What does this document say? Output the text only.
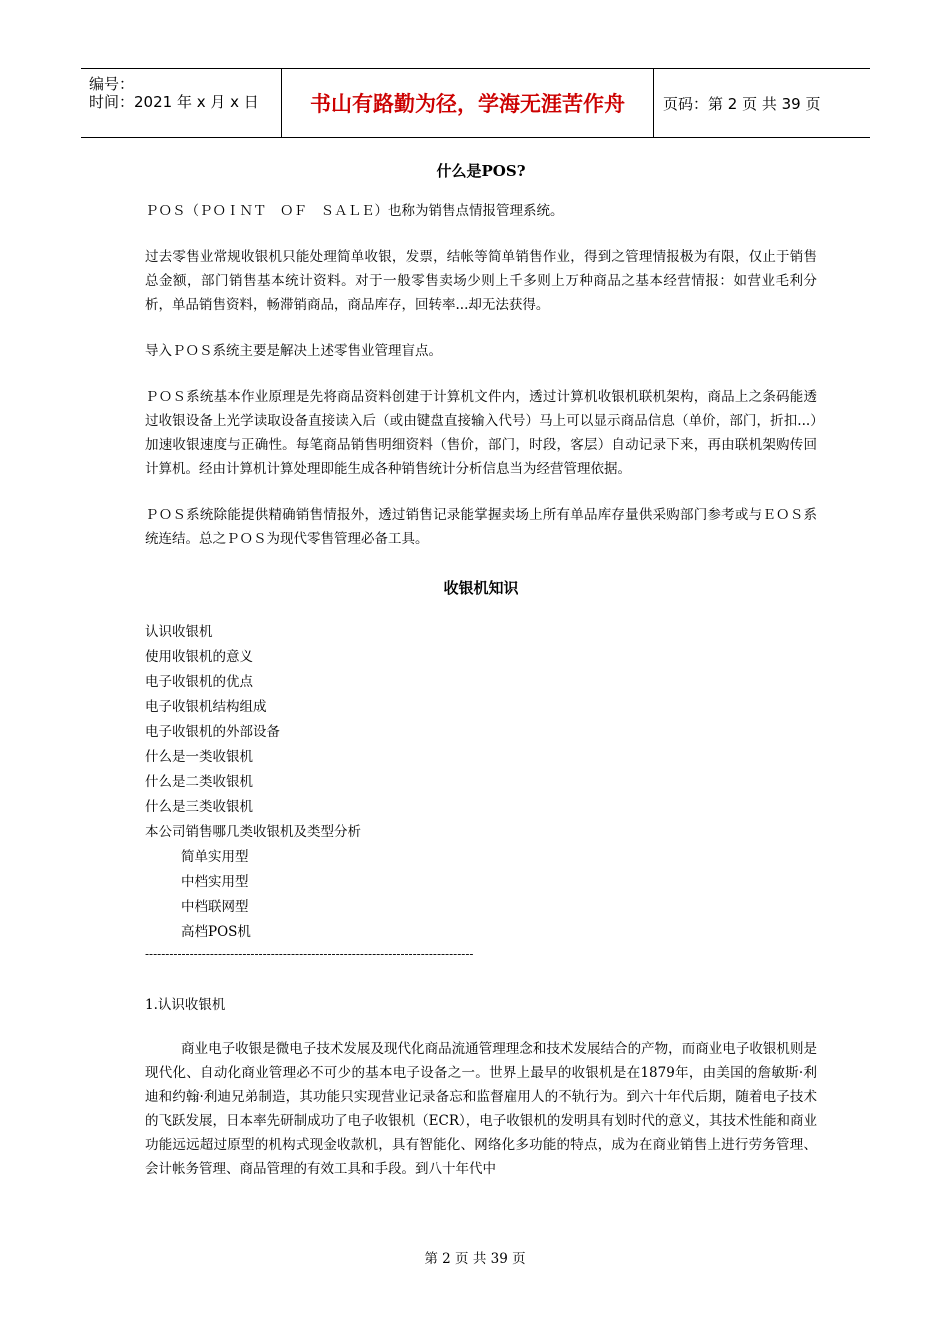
编号：
时间：2021 年 x 月 x 日	书山有路勤为径，学海无涯苦作舟	页码：第 2 页 共 39 页
什么是POS?

ＰＯＳ（ＰＯＩＮＴ　ＯＦ　ＳＡＬＥ）也称为销售点情报管理系统。

过去零售业常规收银机只能处理简单收银，发票，结帐等简单销售作业，得到之管理情报极为有限，仅止于销售总金额，部门销售基本统计资料。对于一般零售卖场少则上千多则上万种商品之基本经营情报：如营业毛利分析，单品销售资料，畅滞销商品，商品库存，回转率...却无法获得。

导入ＰＯＳ系统主要是解决上述零售业管理盲点。

ＰＯＳ系统基本作业原理是先将商品资料创建于计算机文件内，透过计算机收银机联机架构，商品上之条码能透过收银设备上光学读取设备直接读入后（或由键盘直接输入代号）马上可以显示商品信息（单价，部门，折扣...）加速收银速度与正确性。每笔商品销售明细资料（售价，部门，时段，客层）自动记录下来，再由联机架购传回计算机。经由计算机计算处理即能生成各种销售统计分析信息当为经营管理依据。

ＰＯＳ系统除能提供精确销售情报外，透过销售记录能掌握卖场上所有单品库存量供采购部门参考或与ＥＯＳ系统连结。总之ＰＯＳ为现代零售管理必备工具。

收银机知识
认识收银机
使用收银机的意义
电子收银机的优点
电子收银机结构组成
电子收银机的外部设备
什么是一类收银机
什么是二类收银机
什么是三类收银机
本公司销售哪几类收银机及类型分析
简单实用型
中档实用型
中档联网型
高档POS机
---------------------------------------------------------------------------------

1.认识收银机

商业电子收银是微电子技术发展及现代化商品流通管理理念和技术发展结合的产物，而商业电子收银机则是现代化、自动化商业管理必不可少的基本电子设备之一。世界上最早的收银机是在1879年，由美国的詹敏斯·利迪和约翰·利迪兄弟制造，其功能只实现营业记录备忘和监督雇用人的不轨行为。到六十年代后期，随着电子技术的飞跃发展，日本率先研制成功了电子收银机（ECR），电子收银机的发明具有划时代的意义，其技术性能和商业功能远远超过原型的机构式现金收款机，具有智能化、网络化多功能的特点，成为在商业销售上进行劳务管理、会计帐务管理、商品管理的有效工具和手段。到八十年代中

第 2 页 共 39 页
